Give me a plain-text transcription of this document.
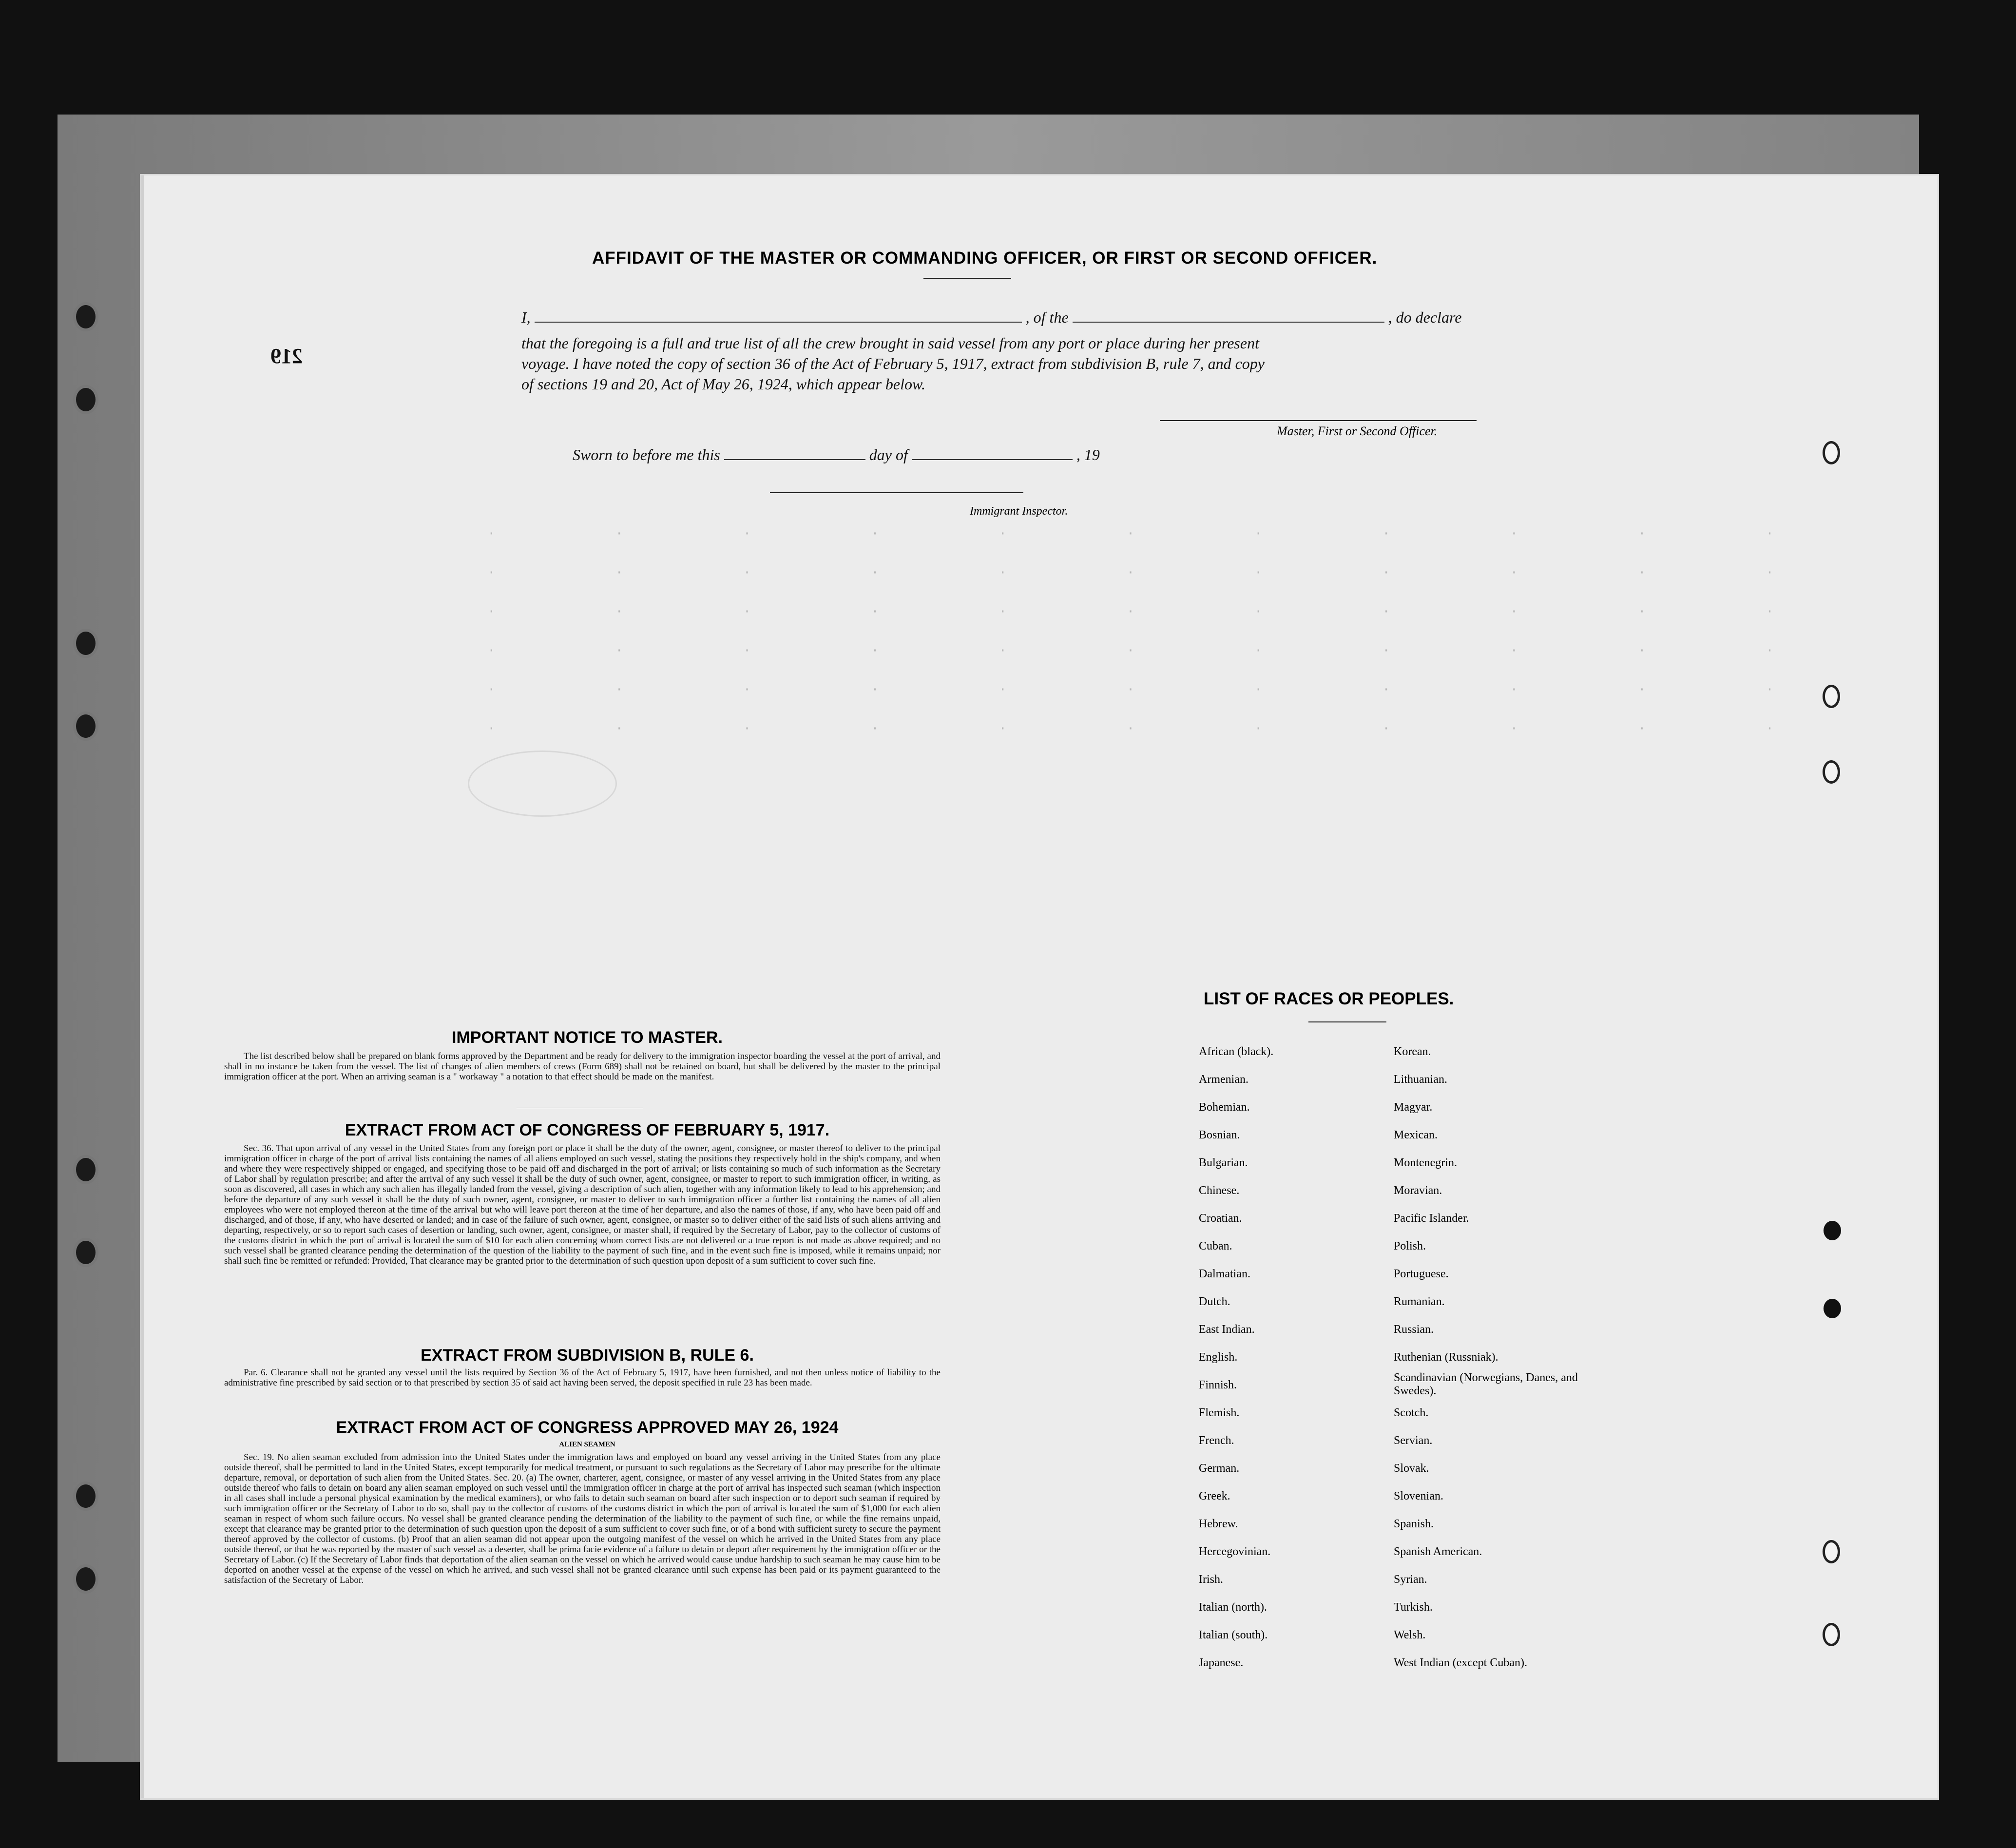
·	·	·	·	·	·	·	·	·	·	·
·	·	·	·	·	·	·	·	·	·	·
·	·	·	·	·	·	·	·	·	·	·
·	·	·	·	·	·	·	·	·	·	·
·	·	·	·	·	·	·	·	·	·	·
·	·	·	·	·	·	·	·	·	·	·
219
AFFIDAVIT OF THE MASTER OR COMMANDING OFFICER, OR FIRST OR SECOND OFFICER.
I,	, of the	, do declare
that the foregoing is a full and true list of all the crew brought in said vessel from any port or place during her present
voyage. I have noted the copy of section 36 of the Act of February 5, 1917, extract from subdivision B, rule 7, and copy
of sections 19 and 20, Act of May 26, 1924, which appear below.
Master, First or Second Officer.
Sworn to before me this	day of	, 19
Immigrant Inspector.
IMPORTANT NOTICE TO MASTER.
The list described below shall be prepared on blank forms approved by the Department and be ready for delivery to the immigration inspector boarding the vessel at the port of arrival, and shall in no instance be taken from the vessel. The list of changes of alien members of crews (Form 689) shall not be retained on board, but shall be delivered by the master to the principal immigration officer at the port. When an arriving seaman is a " workaway " a notation to that effect should be made on the manifest.
EXTRACT FROM ACT OF CONGRESS OF FEBRUARY 5, 1917.
Sec. 36. That upon arrival of any vessel in the United States from any foreign port or place it shall be the duty of the owner, agent, consignee, or master thereof to deliver to the principal immigration officer in charge of the port of arrival lists containing the names of all aliens employed on such vessel, stating the positions they respectively hold in the ship's company, and when and where they were respectively shipped or engaged, and specifying those to be paid off and discharged in the port of arrival; or lists containing so much of such information as the Secretary of Labor shall by regulation prescribe; and after the arrival of any such vessel it shall be the duty of such owner, agent, consignee, or master to report to such immigration officer, in writing, as soon as discovered, all cases in which any such alien has illegally landed from the vessel, giving a description of such alien, together with any information likely to lead to his apprehension; and before the departure of any such vessel it shall be the duty of such owner, agent, consignee, or master to deliver to such immigration officer a further list containing the names of all alien employees who were not employed thereon at the time of the arrival but who will leave port thereon at the time of her departure, and also the names of those, if any, who have been paid off and discharged, and of those, if any, who have deserted or landed; and in case of the failure of such owner, agent, consignee, or master so to deliver either of the said lists of such aliens arriving and departing, respectively, or so to report such cases of desertion or landing, such owner, agent, consignee, or master shall, if required by the Secretary of Labor, pay to the collector of customs of the customs district in which the port of arrival is located the sum of $10 for each alien concerning whom correct lists are not delivered or a true report is not made as above required; and no such vessel shall be granted clearance pending the determination of the question of the liability to the payment of such fine, and in the event such fine is imposed, while it remains unpaid; nor shall such fine be remitted or refunded: Provided, That clearance may be granted prior to the determination of such question upon deposit of a sum sufficient to cover such fine.
EXTRACT FROM SUBDIVISION B, RULE 6.
Par. 6. Clearance shall not be granted any vessel until the lists required by Section 36 of the Act of February 5, 1917, have been furnished, and not then unless notice of liability to the administrative fine prescribed by said section or to that prescribed by section 35 of said act having been served, the deposit specified in rule 23 has been made.
EXTRACT FROM ACT OF CONGRESS APPROVED MAY 26, 1924
ALIEN SEAMEN
Sec. 19. No alien seaman excluded from admission into the United States under the immigration laws and employed on board any vessel arriving in the United States from any place outside thereof, shall be permitted to land in the United States, except temporarily for medical treatment, or pursuant to such regulations as the Secretary of Labor may prescribe for the ultimate departure, removal, or deportation of such alien from the United States. Sec. 20. (a) The owner, charterer, agent, consignee, or master of any vessel arriving in the United States from any place outside thereof who fails to detain on board any alien seaman employed on such vessel until the immigration officer in charge at the port of arrival has inspected such seaman (which inspection in all cases shall include a personal physical examination by the medical examiners), or who fails to detain such seaman on board after such inspection or to deport such seaman if required by such immigration officer or the Secretary of Labor to do so, shall pay to the collector of customs of the customs district in which the port of arrival is located the sum of $1,000 for each alien seaman in respect of whom such failure occurs. No vessel shall be granted clearance pending the determination of the liability to the payment of such fine, or while the fine remains unpaid, except that clearance may be granted prior to the determination of such question upon the deposit of a sum sufficient to cover such fine, or of a bond with sufficient surety to secure the payment thereof approved by the collector of customs. (b) Proof that an alien seaman did not appear upon the outgoing manifest of the vessel on which he arrived in the United States from any place outside thereof, or that he was reported by the master of such vessel as a deserter, shall be prima facie evidence of a failure to detain or deport after requirement by the immigration officer or the Secretary of Labor. (c) If the Secretary of Labor finds that deportation of the alien seaman on the vessel on which he arrived would cause undue hardship to such seaman he may cause him to be deported on another vessel at the expense of the vessel on which he arrived, and such vessel shall not be granted clearance until such expense has been paid or its payment guaranteed to the satisfaction of the Secretary of Labor.
LIST OF RACES OR PEOPLES.
African (black).
Armenian.
Bohemian.
Bosnian.
Bulgarian.
Chinese.
Croatian.
Cuban.
Dalmatian.
Dutch.
East Indian.
English.
Finnish.
Flemish.
French.
German.
Greek.
Hebrew.
Hercegovinian.
Irish.
Italian (north).
Italian (south).
Japanese.
Korean.
Lithuanian.
Magyar.
Mexican.
Montenegrin.
Moravian.
Pacific Islander.
Polish.
Portuguese.
Rumanian.
Russian.
Ruthenian (Russniak).
Scandinavian (Norwegians, Danes, and Swedes).
Scotch.
Servian.
Slovak.
Slovenian.
Spanish.
Spanish American.
Syrian.
Turkish.
Welsh.
West Indian (except Cuban).
